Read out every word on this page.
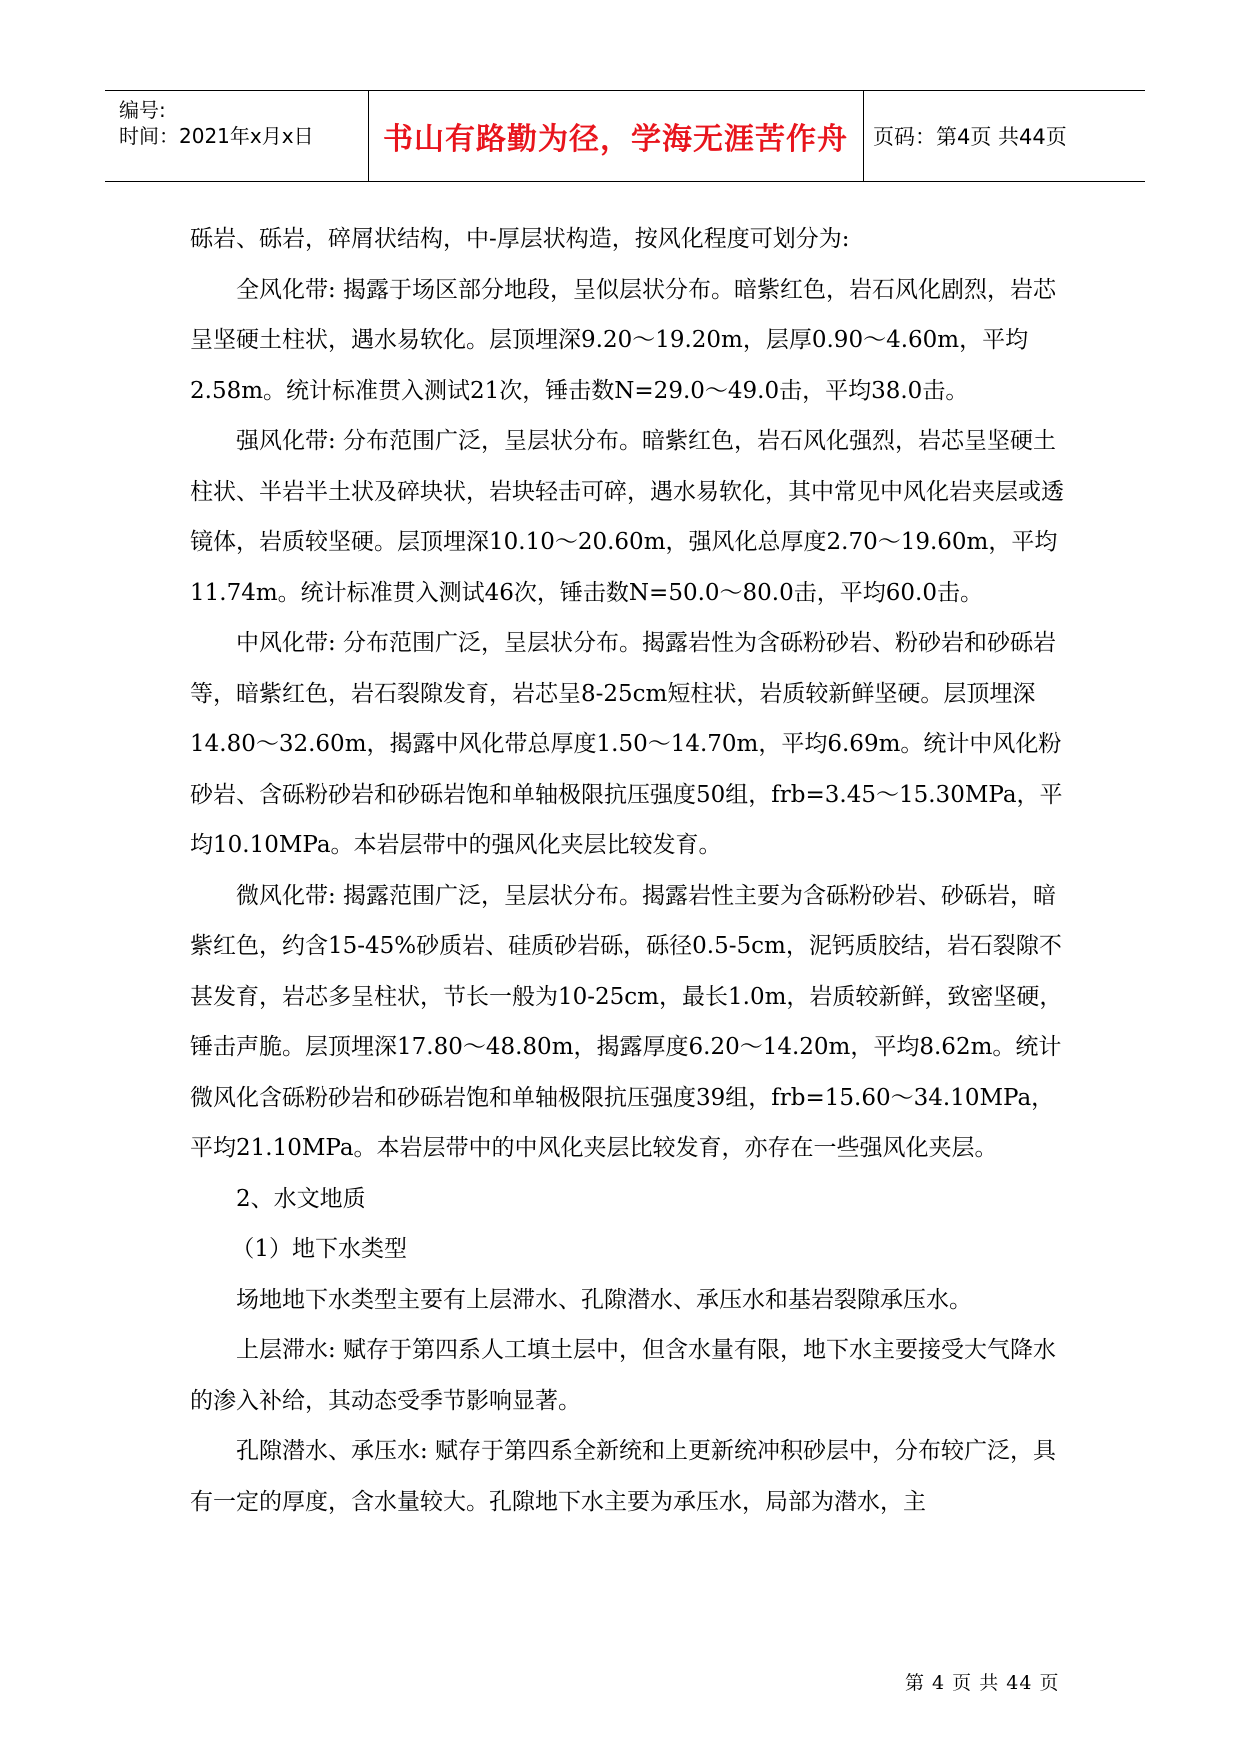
编号:
时间：2021年x月x日	书山有路勤为径，学海无涯苦作舟	页码：第4页 共44页

砾岩、砾岩，碎屑状结构，中-厚层状构造，按风化程度可划分为:

全风化带: 揭露于场区部分地段，呈似层状分布。暗紫红色，岩石风化剧烈，岩芯呈坚硬土柱状，遇水易软化。层顶埋深9.20～19.20m，层厚0.90～4.60m，平均2.58m。统计标准贯入测试21次，锤击数N=29.0～49.0击，平均38.0击。

强风化带: 分布范围广泛，呈层状分布。暗紫红色，岩石风化强烈，岩芯呈坚硬土柱状、半岩半土状及碎块状，岩块轻击可碎，遇水易软化，其中常见中风化岩夹层或透镜体，岩质较坚硬。层顶埋深10.10～20.60m，强风化总厚度2.70～19.60m，平均11.74m。统计标准贯入测试46次，锤击数N=50.0～80.0击，平均60.0击。

中风化带: 分布范围广泛，呈层状分布。揭露岩性为含砾粉砂岩、粉砂岩和砂砾岩等，暗紫红色，岩石裂隙发育，岩芯呈8-25cm短柱状，岩质较新鲜坚硬。层顶埋深14.80～32.60m，揭露中风化带总厚度1.50～14.70m，平均6.69m。统计中风化粉砂岩、含砾粉砂岩和砂砾岩饱和单轴极限抗压强度50组，frb=3.45～15.30MPa，平均10.10MPa。本岩层带中的强风化夹层比较发育。

微风化带: 揭露范围广泛，呈层状分布。揭露岩性主要为含砾粉砂岩、砂砾岩，暗紫红色，约含15-45%砂质岩、硅质砂岩砾，砾径0.5-5cm，泥钙质胶结，岩石裂隙不甚发育，岩芯多呈柱状，节长一般为10-25cm，最长1.0m，岩质较新鲜，致密坚硬，锤击声脆。层顶埋深17.80～48.80m，揭露厚度6.20～14.20m，平均8.62m。统计微风化含砾粉砂岩和砂砾岩饱和单轴极限抗压强度39组，frb=15.60～34.10MPa，平均21.10MPa。本岩层带中的中风化夹层比较发育，亦存在一些强风化夹层。

2、水文地质

（1）地下水类型

场地地下水类型主要有上层滞水、孔隙潜水、承压水和基岩裂隙承压水。

上层滞水: 赋存于第四系人工填土层中，但含水量有限，地下水主要接受大气降水的渗入补给，其动态受季节影响显著。

孔隙潜水、承压水: 赋存于第四系全新统和上更新统冲积砂层中，分布较广泛，具有一定的厚度，含水量较大。孔隙地下水主要为承压水，局部为潜水，主

第 4 页 共 44 页
